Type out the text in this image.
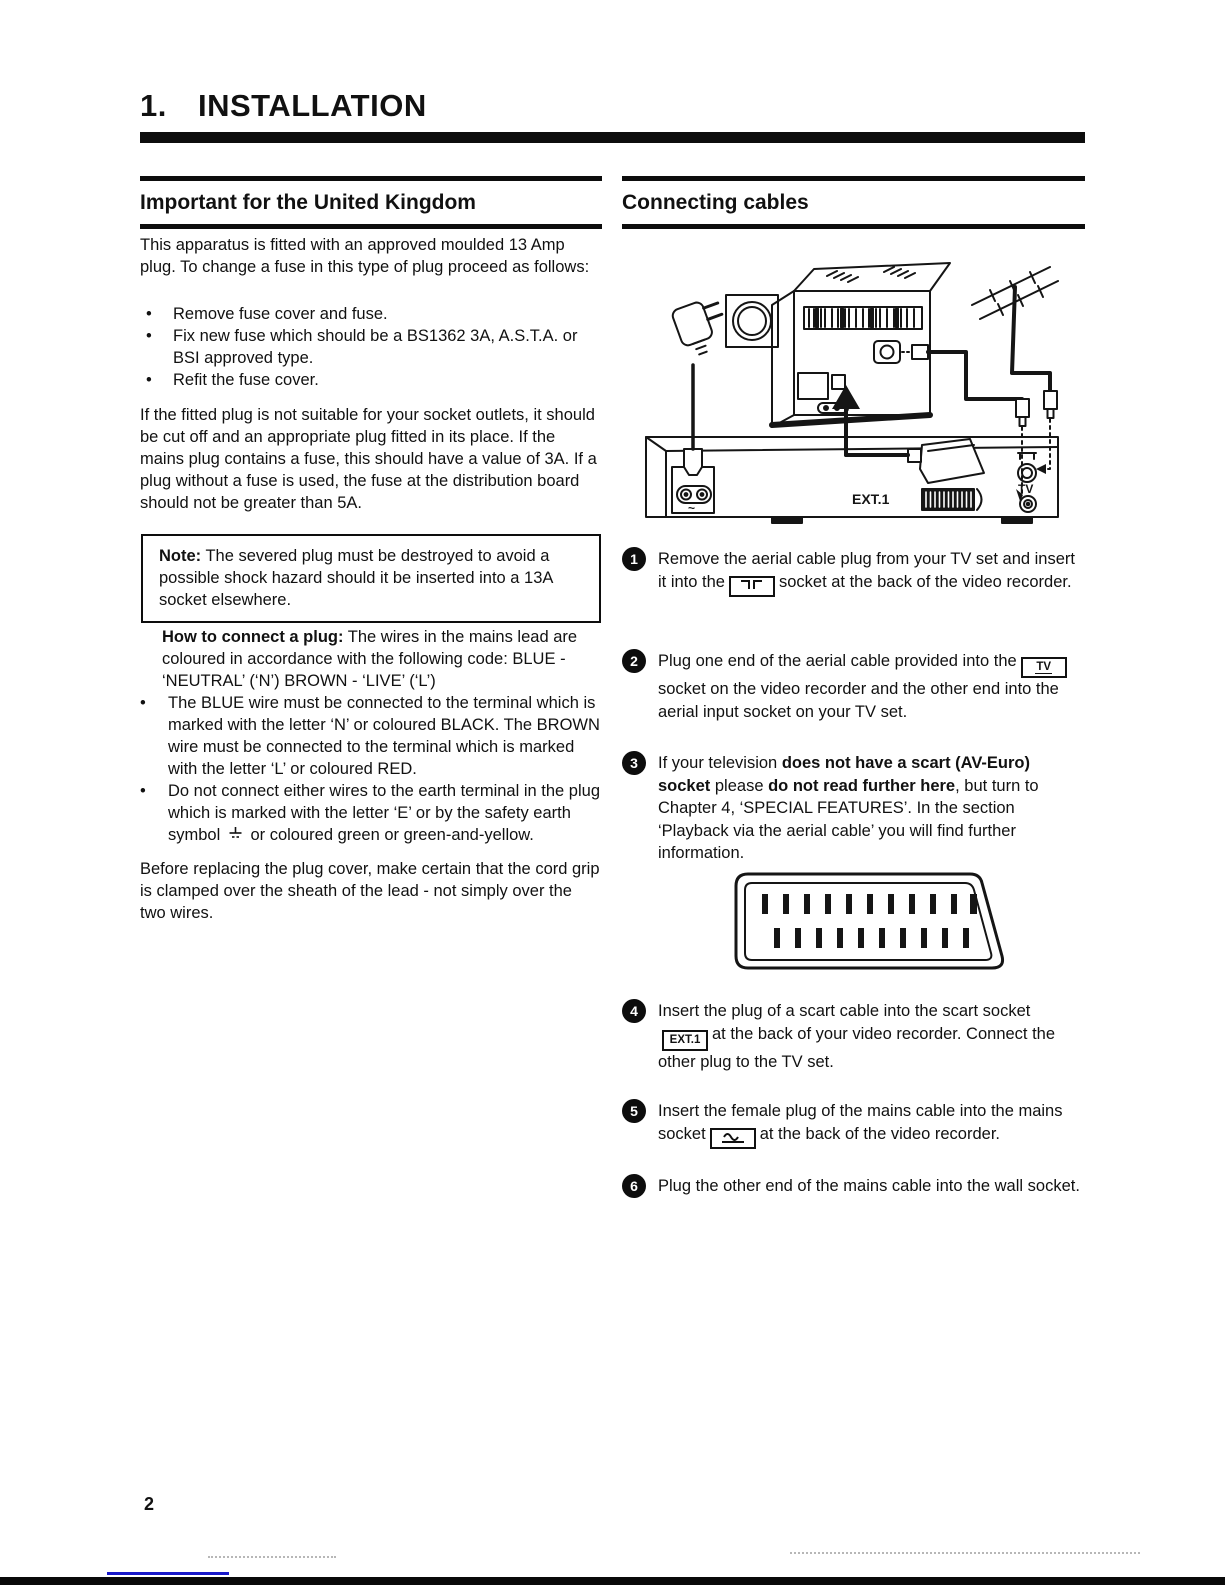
1. INSTALLATION
Important for the United Kingdom	Connecting cables

This apparatus is fitted with an approved moulded 13 Amp plug. To change a fuse in this type of plug proceed as follows:

• Remove fuse cover and fuse.
• Fix new fuse which should be a BS1362 3A, A.S.T.A. or BSI approved type.
• Refit the fuse cover.

If the fitted plug is not suitable for your socket outlets, it should be cut off and an appropriate plug fitted in its place. If the mains plug contains a fuse, this should have a value of 3A. If a plug without a fuse is used, the fuse at the distribution board should not be greater than 5A.

Note: The severed plug must be destroyed to avoid a possible shock hazard should it be inserted into a 13A socket elsewhere.

How to connect a plug: The wires in the mains lead are coloured in accordance with the following code: BLUE - ‘NEUTRAL’ (‘N’) BROWN - ‘LIVE’ (‘L’)

• The BLUE wire must be connected to the terminal which is marked with the letter ‘N’ or coloured BLACK. The BROWN wire must be connected to the terminal which is marked with the letter ‘L’ or coloured RED.
• Do not connect either wires to the earth terminal in the plug which is marked with the letter ‘E’ or by the safety earth symbol or coloured green or green-and-yellow.

Before replacing the plug cover, make certain that the cord grip is clamped over the sheath of the lead - not simply over the two wires.

~
TV
EXT.1
1	Remove the aerial cable plug from your TV set and insert it into the	socket at the back of the video recorder.
2	Plug one end of the aerial cable provided into the TVsocket on the video recorder and the other end into the aerial input socket on your TV set.
3	If your television does not have a scart (AV-Euro) socket please do not read further here, but turn to Chapter 4, ‘SPECIAL FEATURES’. In the section ‘Playback via the aerial cable’ you will find further information.
4	Insert the plug of a scart cable into the scart socketEXT.1 at the back of your video recorder. Connect the other plug to the TV set.
5	Insert the female plug of the mains cable into the mains socket	at the back of the video recorder.
6	Plug the other end of the mains cable into the wall socket.
2
